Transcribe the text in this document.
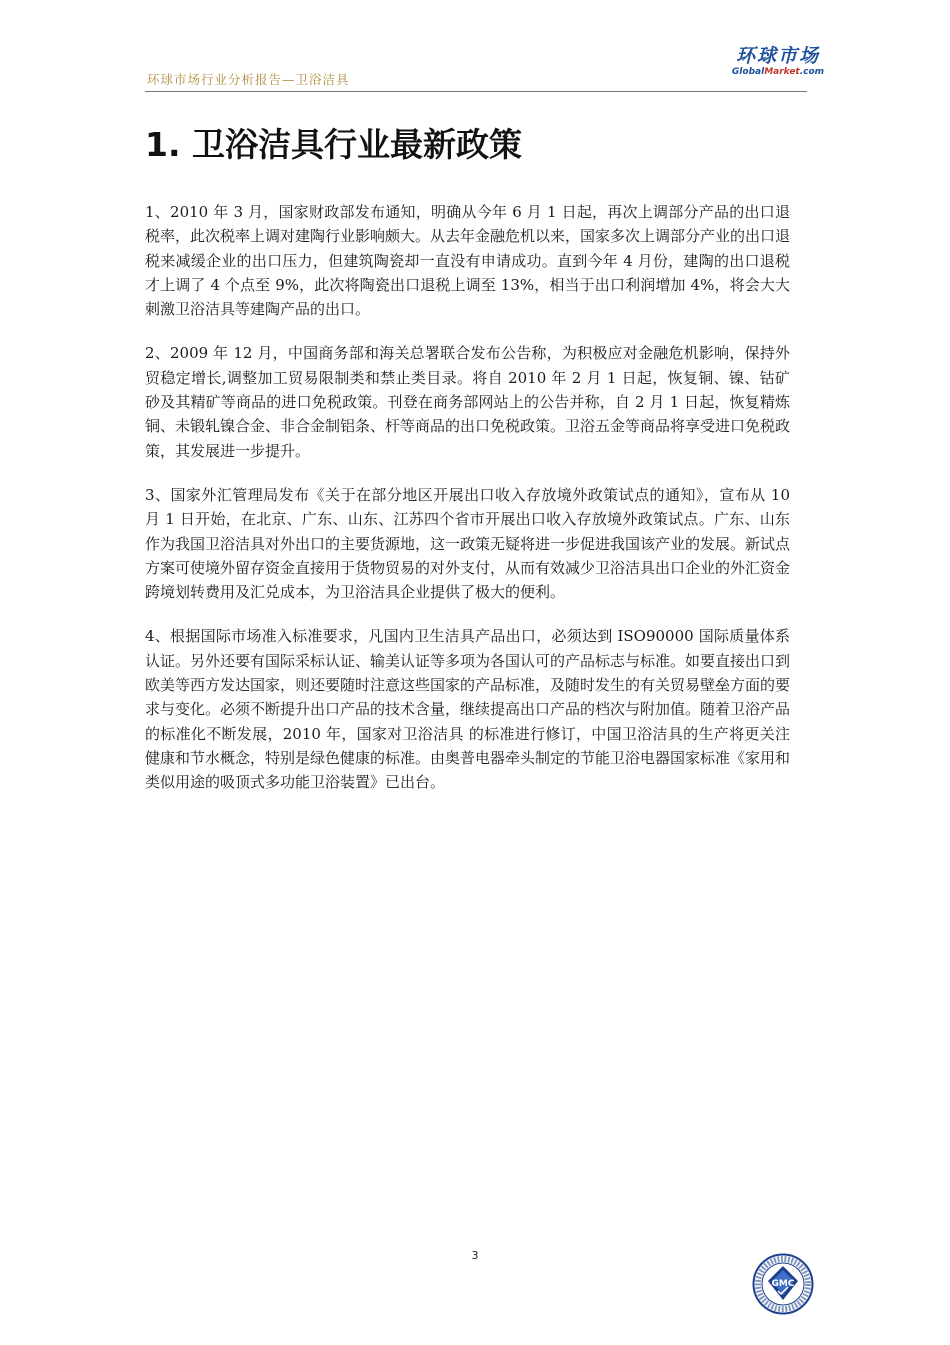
环球市场行业分析报告—卫浴洁具
环球市场
GlobalMarket.com
1. 卫浴洁具行业最新政策

1、2010 年 3 月，国家财政部发布通知，明确从今年 6 月 1 日起，再次上调部分产品的出口退税率，此次税率上调对建陶行业影响颇大。从去年金融危机以来，国家多次上调部分产业的出口退税来减缓企业的出口压力，但建筑陶瓷却一直没有申请成功。直到今年 4 月份，建陶的出口退税才上调了 4 个点至 9%，此次将陶瓷出口退税上调至 13%，相当于出口利润增加 4%，将会大大刺激卫浴洁具等建陶产品的出口。

2、2009 年 12 月，中国商务部和海关总署联合发布公告称，为积极应对金融危机影响，保持外贸稳定增长,调整加工贸易限制类和禁止类目录。将自 2010 年 2 月 1 日起，恢复铜、镍、钴矿砂及其精矿等商品的进口免税政策。刊登在商务部网站上的公告并称，自 2 月 1 日起，恢复精炼铜、未锻轧镍合金、非合金制铝条、杆等商品的出口免税政策。卫浴五金等商品将享受进口免税政策，其发展进一步提升。

3、国家外汇管理局发布《关于在部分地区开展出口收入存放境外政策试点的通知》，宣布从 10 月 1 日开始，在北京、广东、山东、江苏四个省市开展出口收入存放境外政策试点。广东、山东作为我国卫浴洁具对外出口的主要货源地，这一政策无疑将进一步促进我国该产业的发展。新试点方案可使境外留存资金直接用于货物贸易的对外支付，从而有效减少卫浴洁具出口企业的外汇资金跨境划转费用及汇兑成本，为卫浴洁具企业提供了极大的便利。

4、根据国际市场准入标准要求，凡国内卫生洁具产品出口，必须达到 ISO90000 国际质量体系认证。另外还要有国际采标认证、输美认证等多项为各国认可的产品标志与标准。如要直接出口到欧美等西方发达国家，则还要随时注意这些国家的产品标准，及随时发生的有关贸易壁垒方面的要求与变化。必须不断提升出口产品的技术含量，继续提高出口产品的档次与附加值。随着卫浴产品的标准化不断发展，2010 年，国家对卫浴洁具 的标准进行修订，中国卫浴洁具的生产将更关注健康和节水概念，特别是绿色健康的标准。由奥普电器牵头制定的节能卫浴电器国家标准《家用和类似用途的吸顶式多功能卫浴装置》已出台。

3
GMC
